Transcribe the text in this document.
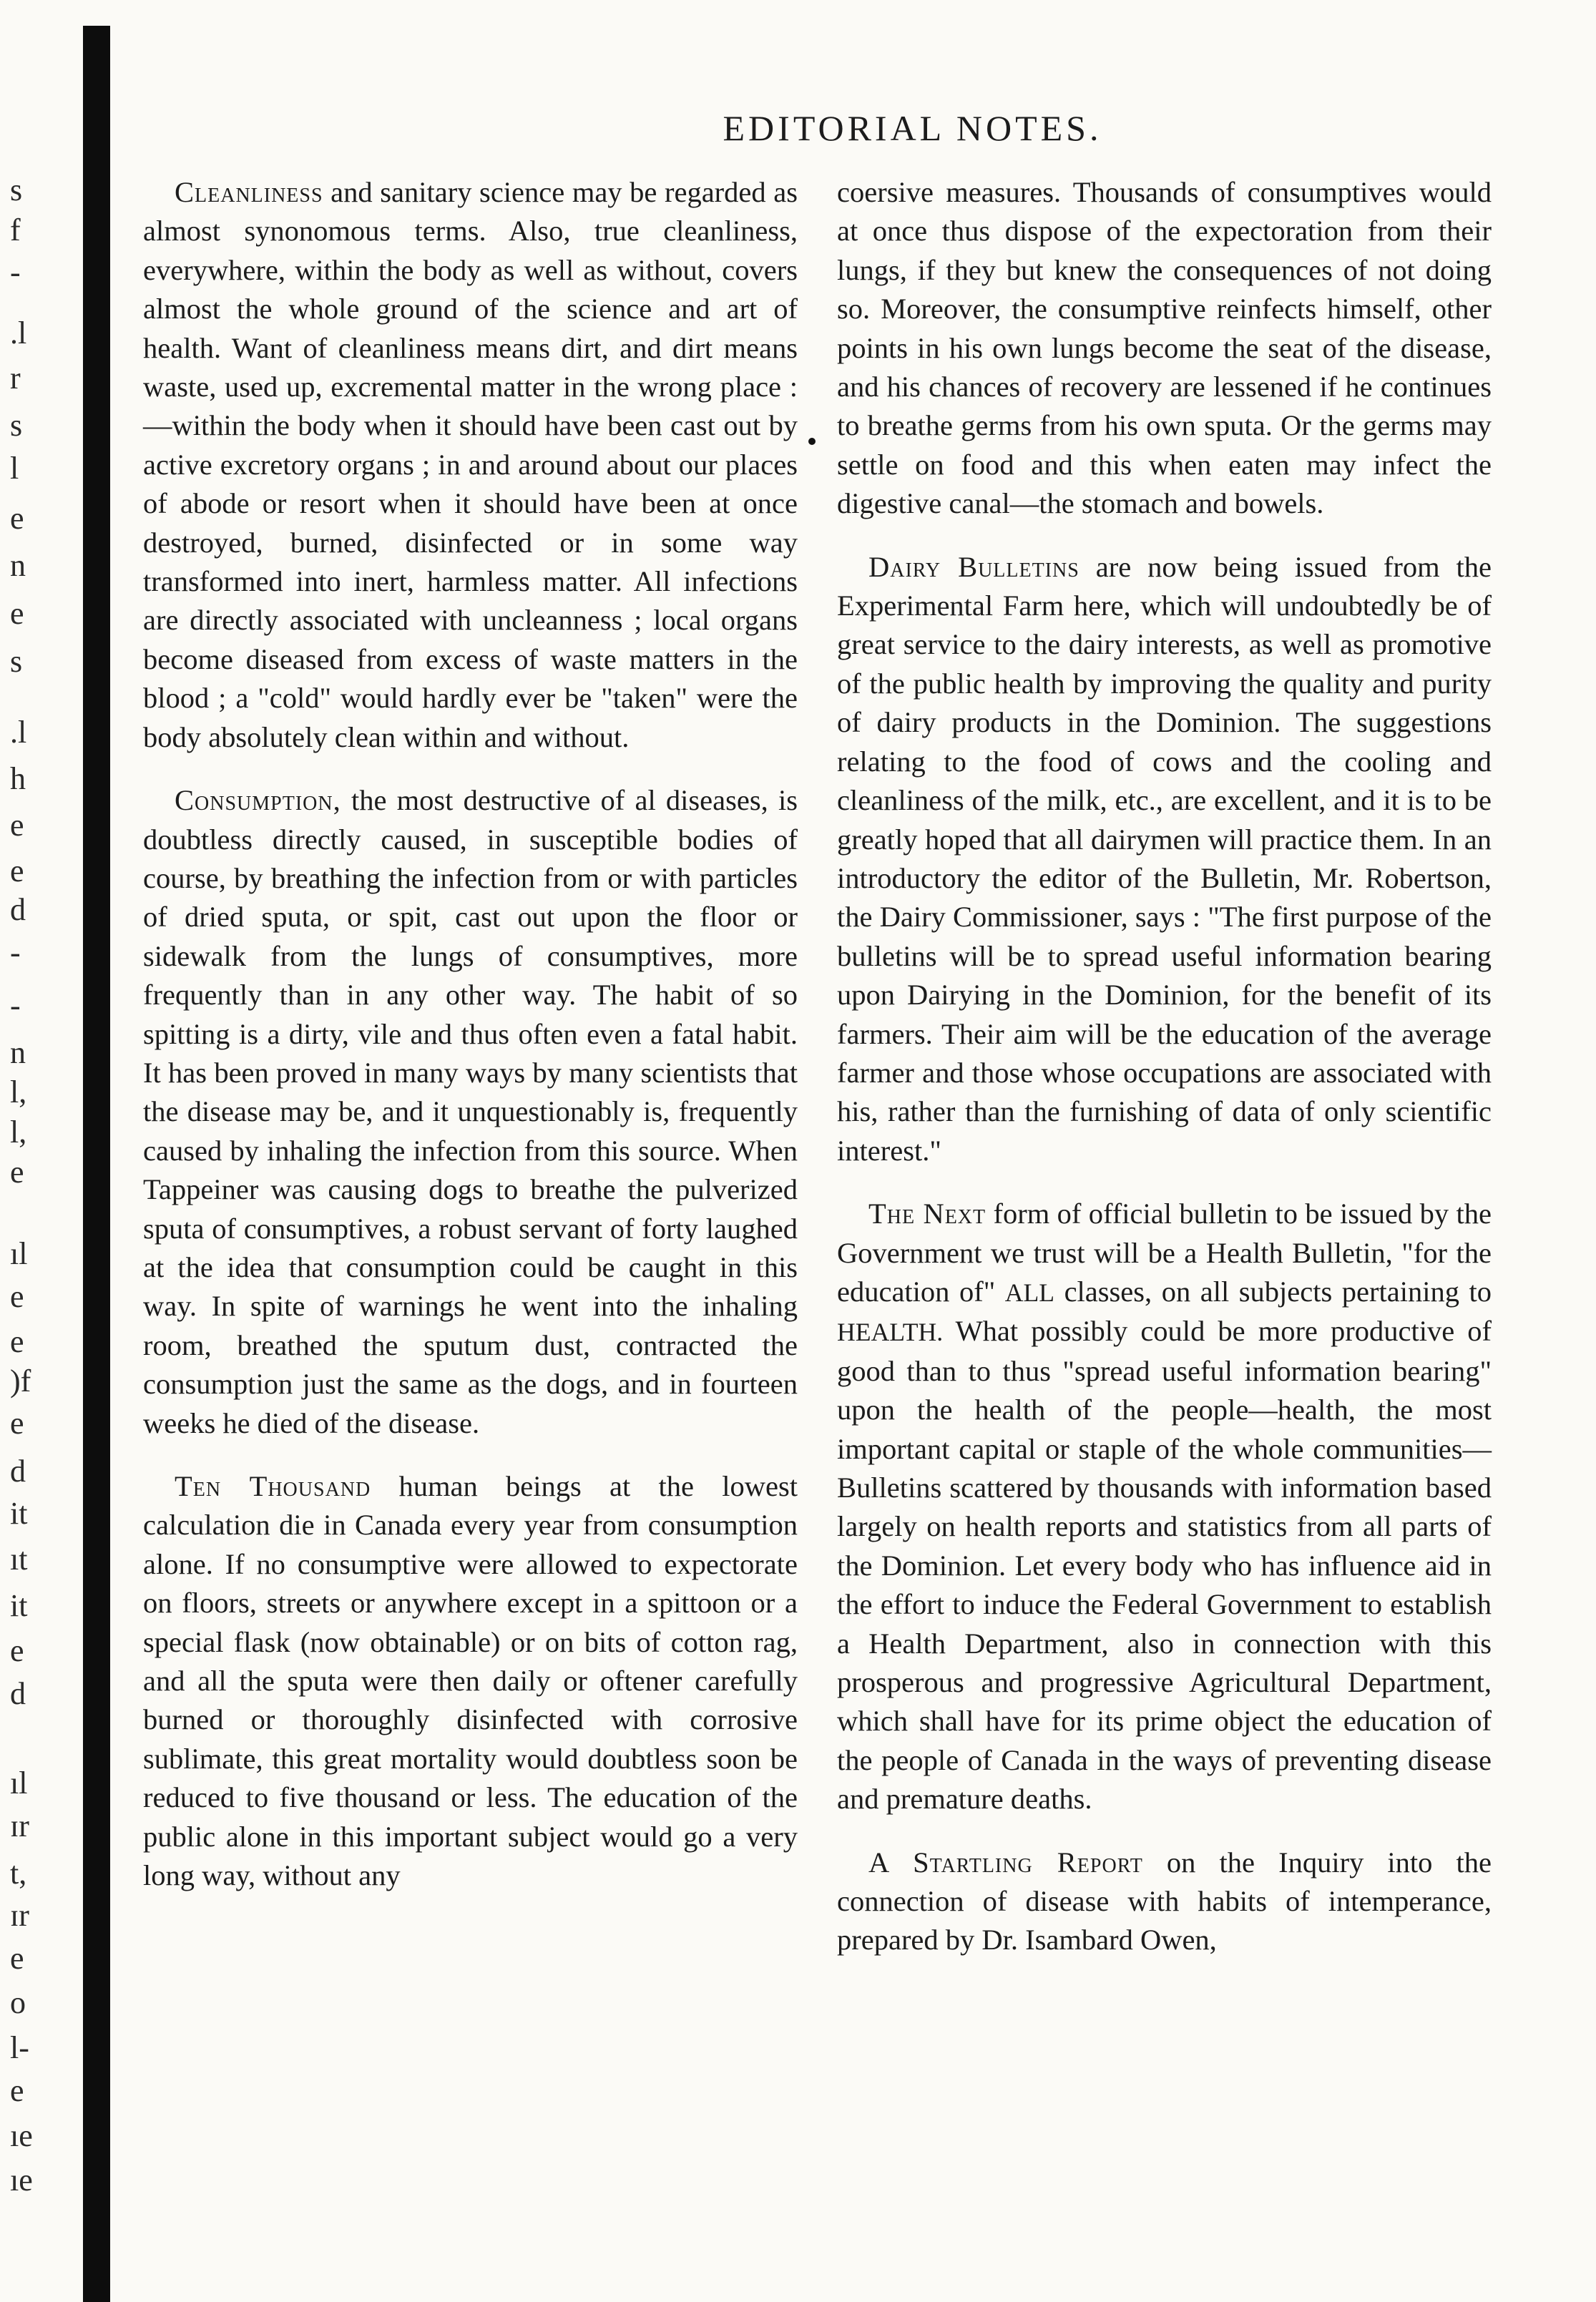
s
f
-
.l
r
s
l
e
n
e
s
.l
h
e
e
d
-
-
n
l,
l,
e
ıl
e
e
)f
e
d
it
ıt
it
e
d
ıl
ɪr
t,
ɪr
e
o
l-
e
ıe
ıe
EDITORIAL NOTES.

Cleanliness and sanitary science may be regarded as almost synonomous terms. Also, true cleanliness, everywhere, within the body as well as without, covers almost the whole ground of the science and art of health. Want of cleanliness means dirt, and dirt means waste, used up, excremental matter in the wrong place :—within the body when it should have been cast out by active excretory organs ; in and around about our places of abode or resort when it should have been at once destroyed, burned, disinfected or in some way transformed into inert, harmless matter. All infections are directly associated with uncleanness ; local organs become diseased from excess of waste matters in the blood ; a "cold" would hardly ever be "taken" were the body absolutely clean within and without.

Consumption, the most destructive of al diseases, is doubtless directly caused, in susceptible bodies of course, by breathing the infection from or with particles of dried sputa, or spit, cast out upon the floor or sidewalk from the lungs of consumptives, more frequently than in any other way. The habit of so spitting is a dirty, vile and thus often even a fatal habit. It has been proved in many ways by many scientists that the disease may be, and it unquestionably is, frequently caused by inhaling the infection from this source. When Tappeiner was causing dogs to breathe the pulverized sputa of consumptives, a robust servant of forty laughed at the idea that consumption could be caught in this way. In spite of warnings he went into the inhaling room, breathed the sputum dust, contracted the consumption just the same as the dogs, and in fourteen weeks he died of the disease.

Ten Thousand human beings at the lowest calculation die in Canada every year from consumption alone. If no consumptive were allowed to expectorate on floors, streets or anywhere except in a spittoon or a special flask (now obtainable) or on bits of cotton rag, and all the sputa were then daily or oftener carefully burned or thoroughly disinfected with corrosive sublimate, this great mortality would doubtless soon be reduced to five thousand or less. The education of the public alone in this important subject would go a very long way, without any

coersive measures. Thousands of consumptives would at once thus dispose of the expectoration from their lungs, if they but knew the consequences of not doing so. Moreover, the consumptive reinfects himself, other points in his own lungs become the seat of the disease, and his chances of recovery are lessened if he continues to breathe germs from his own sputa. Or the germs may settle on food and this when eaten may infect the digestive canal—the stomach and bowels.

Dairy Bulletins are now being issued from the Experimental Farm here, which will undoubtedly be of great service to the dairy interests, as well as promotive of the public health by improving the quality and purity of dairy products in the Dominion. The suggestions relating to the food of cows and the cooling and cleanliness of the milk, etc., are excellent, and it is to be greatly hoped that all dairymen will practice them. In an introductory the editor of the Bulletin, Mr. Robertson, the Dairy Commissioner, says : "The first purpose of the bulletins will be to spread useful information bearing upon Dairying in the Dominion, for the benefit of its farmers. Their aim will be the education of the average farmer and those whose occupations are associated with his, rather than the furnishing of data of only scientific interest."

The Next form of official bulletin to be issued by the Government we trust will be a Health Bulletin, "for the education of" ALL classes, on all subjects pertaining to HEALTH. What possibly could be more productive of good than to thus "spread useful information bearing" upon the health of the people—health, the most important capital or staple of the whole communities—Bulletins scattered by thousands with information based largely on health reports and statistics from all parts of the Dominion. Let every body who has influence aid in the effort to induce the Federal Government to establish a Health Department, also in connection with this prosperous and progressive Agricultural Department, which shall have for its prime object the education of the people of Canada in the ways of preventing disease and premature deaths.

A Startling Report on the Inquiry into the connection of disease with habits of intemperance, prepared by Dr. Isambard Owen,
